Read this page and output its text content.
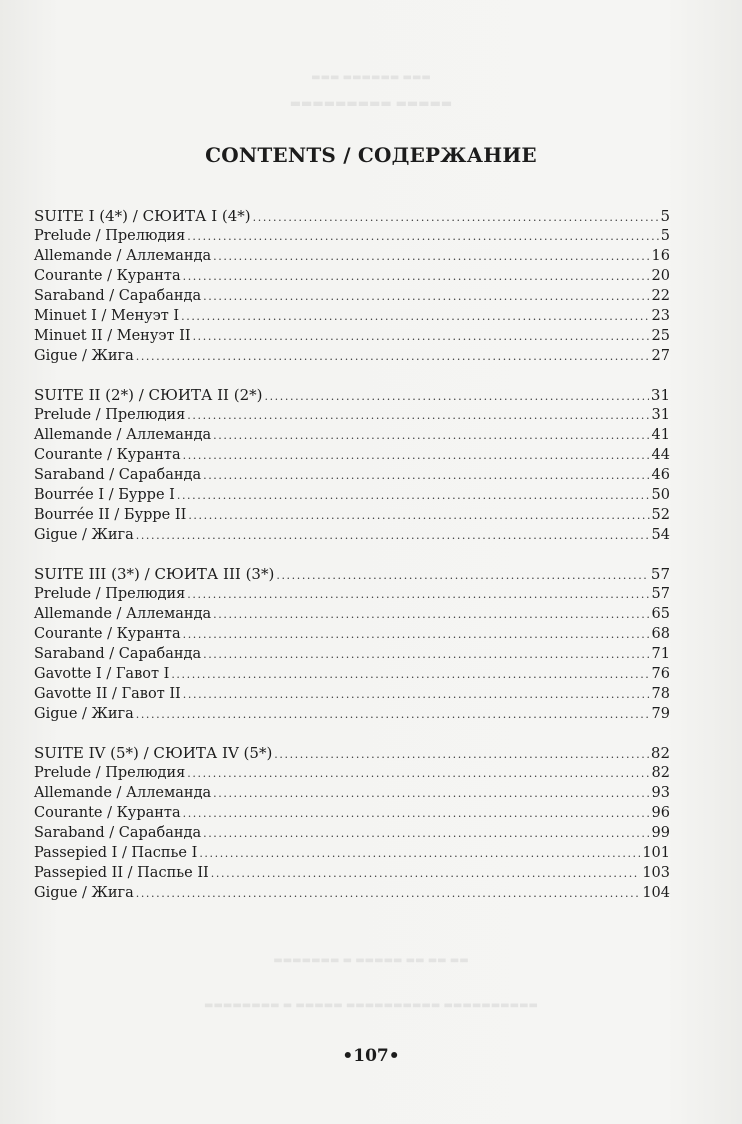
▬▬▬ ▬▬▬▬▬▬ ▬▬▬
▬▬▬▬▬▬▬▬▬ ▬▬▬▬▬
▬▬▬▬▬▬▬ ▬ ▬▬▬▬▬ ▬▬ ▬▬ ▬▬
▬▬▬▬▬▬▬▬ ▬ ▬▬▬▬▬ ▬▬▬▬▬▬▬▬▬▬ ▬▬▬▬▬▬▬▬▬▬
CONTENTS / СОДЕРЖАНИЕ
SUITE I (4*) / СЮИТА I (4*) .....	5
Prelude / Прелюдия .....	5
Allemande / Аллеманда .....	16
Courante / Куранта .....	20
Saraband / Сарабанда .....	22
Minuet I / Менуэт I .....	23
Minuet II / Менуэт II .....	25
Gigue / Жига .....	27
SUITE II (2*) / СЮИТА II (2*) .....	31
Prelude / Прелюдия .....	31
Allemande / Аллеманда .....	41
Courante / Куранта .....	44
Saraband / Сарабанда .....	46
Bourrée I / Бурре I .....	50
Bourrée II / Бурре II .....	52
Gigue / Жига .....	54
SUITE III (3*) / СЮИТА III (3*) .....	57
Prelude / Прелюдия .....	57
Allemande / Аллеманда .....	65
Courante / Куранта .....	68
Saraband / Сарабанда .....	71
Gavotte I / Гавот I .....	76
Gavotte II / Гавот II .....	78
Gigue / Жига .....	79
SUITE IV (5*) / СЮИТА IV (5*) .....	82
Prelude / Прелюдия .....	82
Allemande / Аллеманда .....	93
Courante / Куранта .....	96
Saraband / Сарабанда .....	99
Passepied I / Паспье I .....	101
Passepied II / Паспье II .....	103
Gigue / Жига .....	104
•107•
